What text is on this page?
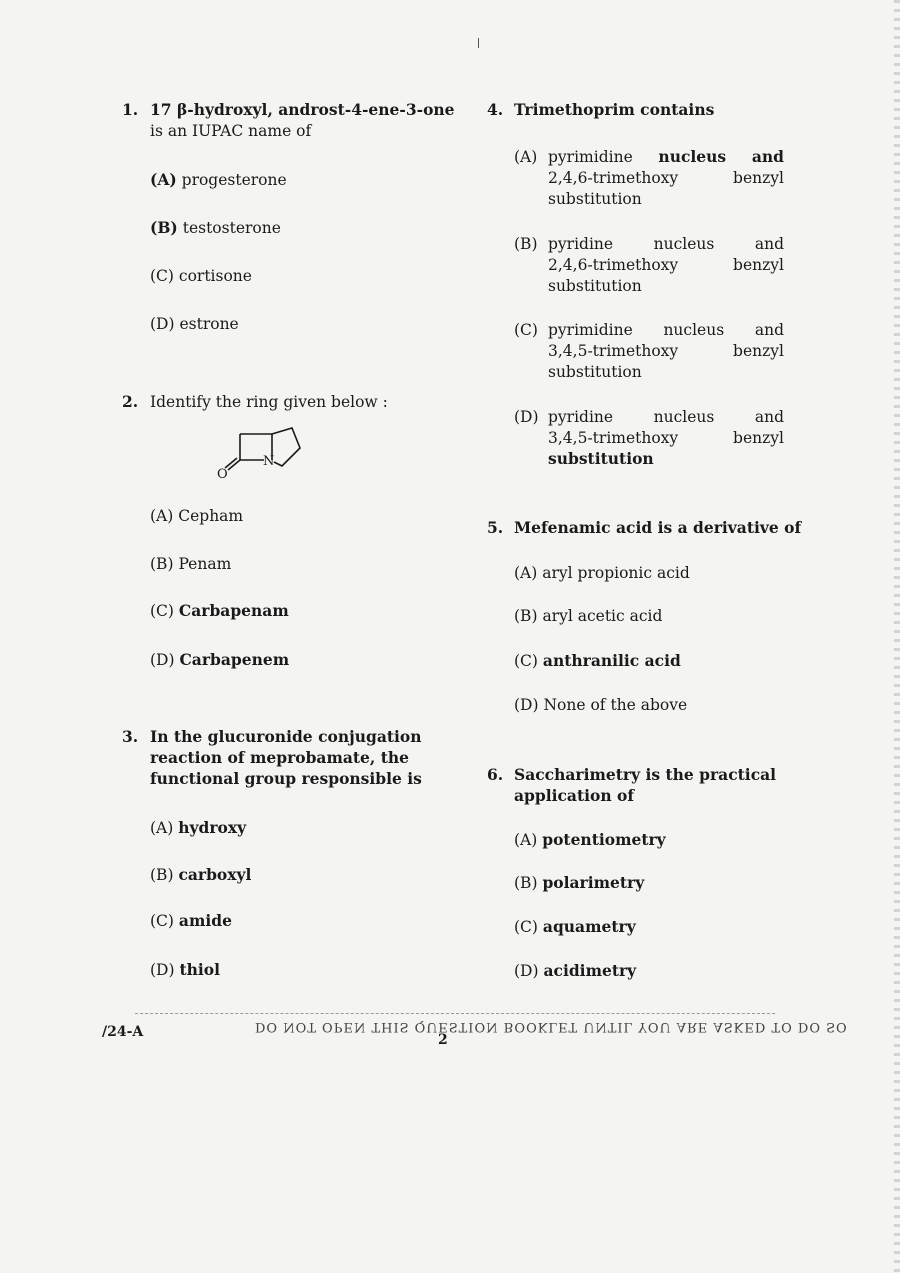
1. 17 β-hydroxyl, androst-4-ene-3-one
is an IUPAC name of
(A) progesterone
(B) testosterone
(C) cortisone
(D) estrone
2. Identify the ring given below :
N
O
(A) Cepham
(B) Penam
(C) Carbapenam
(D) Carbapenem
3. In the glucuronide conjugation
reaction of meprobamate, the
functional group responsible is
(A) hydroxy
(B) carboxyl
(C) amide
(D) thiol
4. Trimethoprim contains
(A) pyrimidine nucleus and
2,4,6-trimethoxy	benzyl
substitution
(B) pyridine	nucleus	and
2,4,6-trimethoxy	benzyl
substitution
(C) pyrimidine nucleus and
3,4,5-trimethoxy	benzyl
substitution
(D) pyridine	nucleus	and
3,4,5-trimethoxy	benzyl
substitution
5. Mefenamic acid is a derivative of
(A) aryl propionic acid
(B) aryl acetic acid
(C) anthranilic acid
(D) None of the above
6. Saccharimetry is the practical
application of
(A) potentiometry
(B) polarimetry
(C) aquametry
(D) acidimetry
/24-A	2
DO NOT OPEN THIS QUESTION BOOKLET UNTIL YOU ARE ASKED TO DO SO
